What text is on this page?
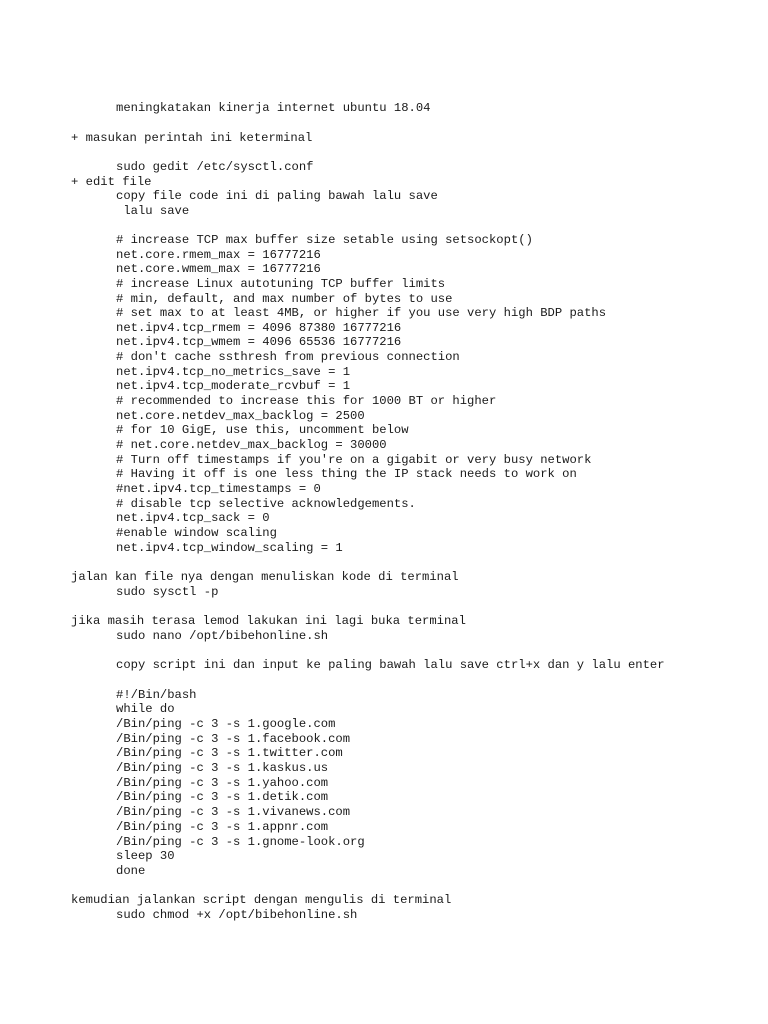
meningkatakan kinerja internet ubuntu 18.04

+ masukan perintah ini keterminal

sudo gedit /etc/sysctl.conf

+ edit file

copy file code ini di paling bawah lalu save

lalu save

# increase TCP max buffer size setable using setsockopt()

net.core.rmem_max = 16777216

net.core.wmem_max = 16777216

# increase Linux autotuning TCP buffer limits

# min, default, and max number of bytes to use

# set max to at least 4MB, or higher if you use very high BDP paths

net.ipv4.tcp_rmem = 4096 87380 16777216

net.ipv4.tcp_wmem = 4096 65536 16777216

# don't cache ssthresh from previous connection

net.ipv4.tcp_no_metrics_save = 1

net.ipv4.tcp_moderate_rcvbuf = 1

# recommended to increase this for 1000 BT or higher

net.core.netdev_max_backlog = 2500

# for 10 GigE, use this, uncomment below

# net.core.netdev_max_backlog = 30000

# Turn off timestamps if you're on a gigabit or very busy network

# Having it off is one less thing the IP stack needs to work on

#net.ipv4.tcp_timestamps = 0

# disable tcp selective acknowledgements.

net.ipv4.tcp_sack = 0

#enable window scaling

net.ipv4.tcp_window_scaling = 1

jalan kan file nya dengan menuliskan kode di terminal

sudo sysctl -p

jika masih terasa lemod lakukan ini lagi buka terminal

sudo nano /opt/bibehonline.sh

copy script ini dan input ke paling bawah lalu save ctrl+x dan y lalu enter

#!/Bin/bash

while do

/Bin/ping -c 3 -s 1.google.com

/Bin/ping -c 3 -s 1.facebook.com

/Bin/ping -c 3 -s 1.twitter.com

/Bin/ping -c 3 -s 1.kaskus.us

/Bin/ping -c 3 -s 1.yahoo.com

/Bin/ping -c 3 -s 1.detik.com

/Bin/ping -c 3 -s 1.vivanews.com

/Bin/ping -c 3 -s 1.appnr.com

/Bin/ping -c 3 -s 1.gnome-look.org

sleep 30

done

kemudian jalankan script dengan mengulis di terminal

sudo chmod +x /opt/bibehonline.sh
